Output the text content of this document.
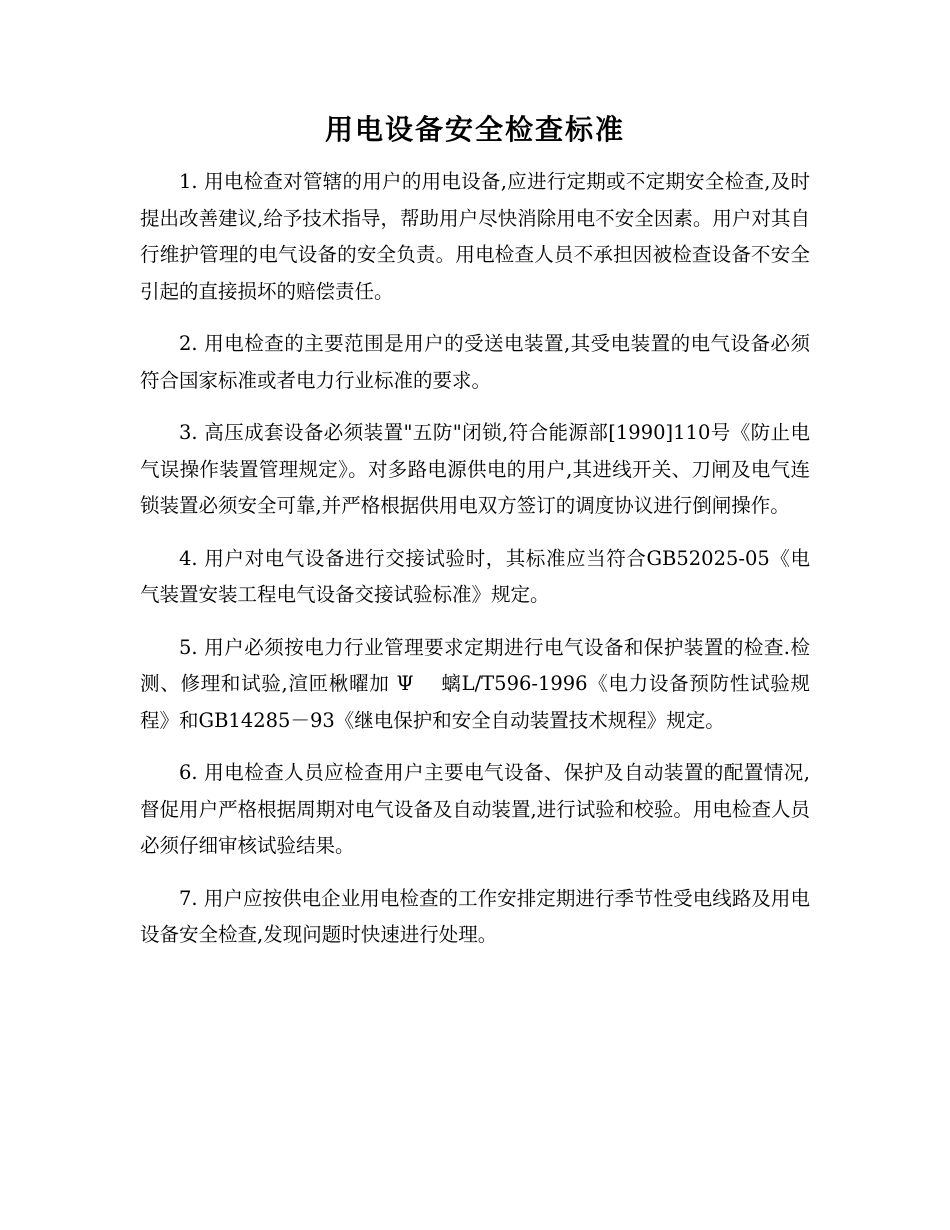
用电设备安全检查标准

1. 用电检查对管辖的用户的用电设备,应进行定期或不定期安全检查,及时提出改善建议,给予技术指导，帮助用户尽快消除用电不安全因素。用户对其自行维护管理的电气设备的安全负责。用电检查人员不承担因被检查设备不安全引起的直接损坏的赔偿责任。

2. 用电检查的主要范围是用户的受送电装置,其受电装置的电气设备必须符合国家标准或者电力行业标准的要求。

3. 高压成套设备必须装置"五防"闭锁,符合能源部[1990]110号《防止电气误操作装置管理规定》。对多路电源供电的用户,其进线开关、刀闸及电气连锁装置必须安全可靠,并严格根据供用电双方签订的调度协议进行倒闸操作。

4. 用户对电气设备进行交接试验时，其标准应当符合GB52025-05《电气装置安装工程电气设备交接试验标准》规定。

5. 用户必须按电力行业管理要求定期进行电气设备和保护装置的检查.检测、修理和试验,渲匝楸曜加 Ψ　 螭L/T596-1996《电力设备预防性试验规程》和GB14285－93《继电保护和安全自动装置技术规程》规定。

6. 用电检查人员应检查用户主要电气设备、保护及自动装置的配置情况,督促用户严格根据周期对电气设备及自动装置,进行试验和校验。用电检查人员必须仔细审核试验结果。

7. 用户应按供电企业用电检查的工作安排定期进行季节性受电线路及用电设备安全检查,发现问题时快速进行处理。
